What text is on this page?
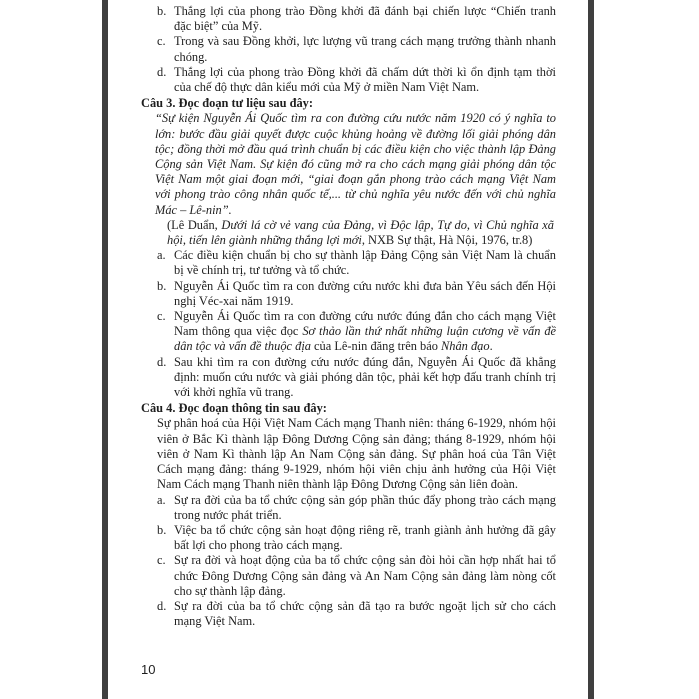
b. Thắng lợi của phong trào Đồng khởi đã đánh bại chiến lược “Chiến tranh đặc biệt” của Mỹ.
c. Trong và sau Đồng khởi, lực lượng vũ trang cách mạng trưởng thành nhanh chóng.
d. Thắng lợi của phong trào Đồng khởi đã chấm dứt thời kì ổn định tạm thời của chế độ thực dân kiểu mới của Mỹ ở miền Nam Việt Nam.
Câu 3. Đọc đoạn tư liệu sau đây:
“Sự kiện Nguyễn Ái Quốc tìm ra con đường cứu nước năm 1920 có ý nghĩa to lớn: bước đầu giải quyết được cuộc khủng hoảng về đường lối giải phóng dân tộc; đồng thời mở đầu quá trình chuẩn bị các điều kiện cho việc thành lập Đảng Cộng sản Việt Nam. Sự kiện đó cũng mở ra cho cách mạng giải phóng dân tộc Việt Nam một giai đoạn mới, “giai đoạn gắn phong trào cách mạng Việt Nam với phong trào công nhân quốc tế,... từ chủ nghĩa yêu nước đến với chủ nghĩa Mác – Lê-nin”.
(Lê Duẩn, Dưới lá cờ vẻ vang của Đảng, vì Độc lập, Tự do, vì Chủ nghĩa xã hội, tiến lên giành những thắng lợi mới, NXB Sự thật, Hà Nội, 1976, tr.8)
a. Các điều kiện chuẩn bị cho sự thành lập Đảng Cộng sản Việt Nam là chuẩn bị về chính trị, tư tưởng và tổ chức.
b. Nguyễn Ái Quốc tìm ra con đường cứu nước khi đưa bản Yêu sách đến Hội nghị Véc-xai năm 1919.
c. Nguyễn Ái Quốc tìm ra con đường cứu nước đúng đắn cho cách mạng Việt Nam thông qua việc đọc Sơ thảo lần thứ nhất những luận cương về vấn đề dân tộc và vấn đề thuộc địa của Lê-nin đăng trên báo Nhân đạo.
d. Sau khi tìm ra con đường cứu nước đúng đắn, Nguyễn Ái Quốc đã khẳng định: muốn cứu nước và giải phóng dân tộc, phải kết hợp đấu tranh chính trị với khởi nghĩa vũ trang.
Câu 4. Đọc đoạn thông tin sau đây:
Sự phân hoá của Hội Việt Nam Cách mạng Thanh niên: tháng 6-1929, nhóm hội viên ở Bắc Kì thành lập Đông Dương Cộng sản đảng; tháng 8-1929, nhóm hội viên ở Nam Kì thành lập An Nam Cộng sản đảng. Sự phân hoá của Tân Việt Cách mạng đảng: tháng 9-1929, nhóm hội viên chịu ảnh hưởng của Hội Việt Nam Cách mạng Thanh niên thành lập Đông Dương Cộng sản liên đoàn.
a. Sự ra đời của ba tổ chức cộng sản góp phần thúc đẩy phong trào cách mạng trong nước phát triển.
b. Việc ba tổ chức cộng sản hoạt động riêng rẽ, tranh giành ảnh hưởng đã gây bất lợi cho phong trào cách mạng.
c. Sự ra đời và hoạt động của ba tổ chức cộng sản đòi hỏi cần hợp nhất hai tổ chức Đông Dương Cộng sản đảng và An Nam Cộng sản đảng làm nòng cốt cho sự thành lập đảng.
d. Sự ra đời của ba tổ chức cộng sản đã tạo ra bước ngoặt lịch sử cho cách mạng Việt Nam.
10
